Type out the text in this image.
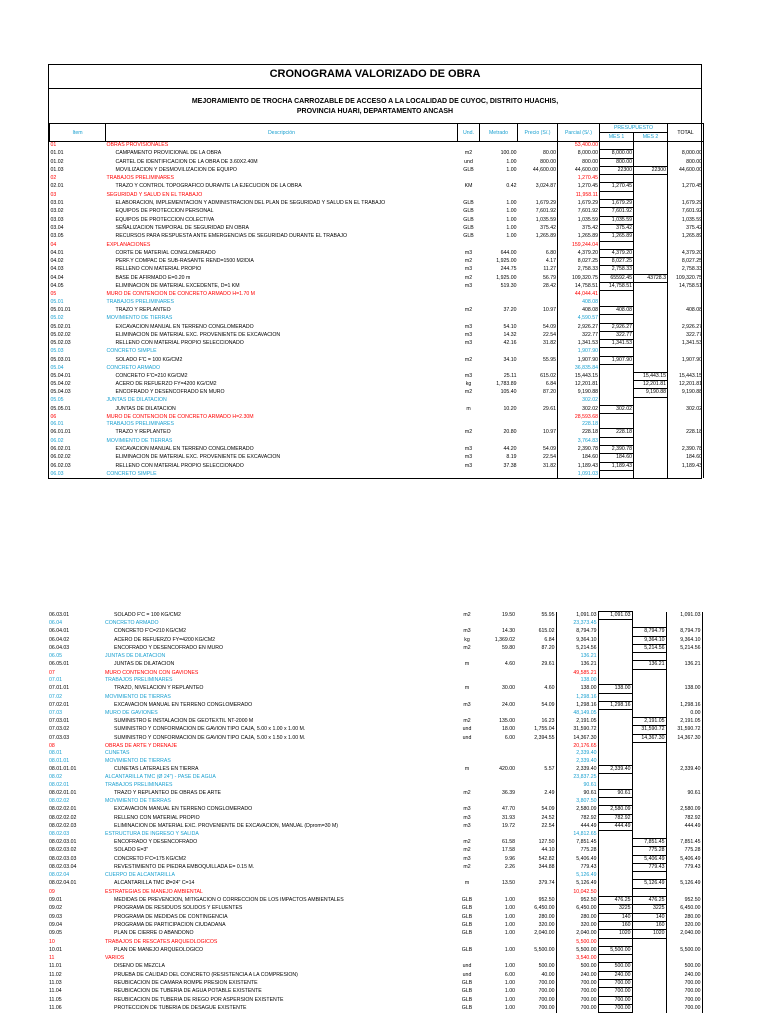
CRONOGRAMA VALORIZADO DE OBRA
MEJORAMIENTO DE TROCHA CARROZABLE DE ACCESO A LA LOCALIDAD DE CUYOC, DISTRITO HUACHIS,
PROVINCIA HUARI, DEPARTAMENTO ANCASH
Item	Descripción	Und.	Metrado	Precio (S/.)	Parcial (S/.)	PRESUPUESTO		TOTAL
						MES 1	MES 2	
01	OBRAS PROVISIONALES				53,400.00			
01.01	CAMPAMENTO PROVICIONAL DE LA OBRA	m2	100.00	80.00	8,000.00	8,000.00		8,000.00
01.02	CARTEL DE IDENTIFICACION DE LA OBRA DE 3.60X2.40M	und	1.00	800.00	800.00	800.00		800.00
01.03	MOVILIZACION Y DESMOVILIZACION DE EQUIPO	GLB	1.00	44,600.00	44,600.00	22300	22300	44,600.00
02	TRABAJOS PRELIMINARES				1,270.45			
02.01	TRAZO Y CONTROL TOPOGRAFICO DURANTE LA EJECUCION DE LA OBRA	KM	0.42	3,024.87	1,270.45	1,270.45		1,270.45
03	SEGURIDAD Y SALUD EN EL TRABAJO				11,958.11			
03.01	ELABORACION, IMPLEMENTACION Y ADMINISTRACION DEL PLAN DE SEGURIDAD Y SALUD EN EL TRABAJO	GLB	1.00	1,679.29	1,679.29	1,679.29		1,679.29
03.02	EQUIPOS DE PROTECCION PERSONAL	GLB	1.00	7,601.92	7,601.92	7,601.92		7,601.92
03.03	EQUIPOS DE PROTECCION COLECTIVA	GLB	1.00	1,035.59	1,035.59	1,035.59		1,035.59
03.04	SEÑALIZACION TEMPORAL DE SEGURIDAD EN OBRA	GLB	1.00	375.42	375.42	375.42		375.42
03.05	RECURSOS PARA RESPUESTA ANTE EMERGENCIAS DE SEGURIDAD DURANTE EL TRABAJO	GLB	1.00	1,265.89	1,265.89	1,265.89		1,265.89
04	EXPLANACIONES				159,244.04			
04.01	CORTE DE MATERIAL CONGLOMERADO	m3	644.00	6.80	4,379.20	4,379.20		4,379.20
04.02	PERF.Y COMPAC DE SUB-RASANTE REND=1500 M2/DIA	m2	1,925.00	4.17	8,027.25	8,027.25		8,027.25
04.03	RELLENO CON MATERIAL PROPIO	m3	244.75	11.27	2,758.33	2,758.33		2,758.33
04.04	BASE DE AFIRMADO E=0.20 m	m2	1,925.00	56.79	109,320.75	65592.45	43728.3	109,320.75
04.05	ELIMINACION DE MATERIAL EXCEDENTE, D=1 KM	m3	519.30	28.42	14,758.51	14,758.51		14,758.51
05	MURO DE CONTENCION DE CONCRETO ARMADO H=1.70 M				44,044.41			
05.01	TRABAJOS PRELIMINARES				408.08			
05.01.01	TRAZO Y REPLANTEO	m2	37.20	10.97	408.08	408.08		408.08
05.02	MOVIMIENTO DE TIERRAS				4,590.57			
05.02.01	EXCAVACION MANUAL EN TERRENO CONGLOMERADO	m3	54.10	54.09	2,926.27	2,926.27		2,926.27
05.02.02	ELIMINACION DE MATERIAL EXC. PROVENIENTE DE EXCAVACION	m3	14.32	22.54	322.77	322.77		322.77
05.02.03	RELLENO CON MATERIAL PROPIO SELECCIONADO	m3	42.16	31.82	1,341.53	1,341.53		1,341.53
05.03	CONCRETO SIMPLE				1,907.90			
05.03.01	SOLADO F'C = 100 KG/CM2	m2	34.10	55.95	1,907.90	1,907.90		1,907.90
05.04	CONCRETO ARMADO				36,835.84			
05.04.01	CONCRETO F'C=210 KG/CM2	m3	25.11	615.02	15,443.15		15,443.15	15,443.15
05.04.02	ACERO DE REFUERZO FY=4200 KG/CM2	kg	1,783.89	6.84	12,201.81		12,201.81	12,201.81
05.04.03	ENCOFRADO Y DESENCOFRADO EN MURO	m2	105.40	87.20	9,190.88		9,190.88	9,190.88
05.05	JUNTAS DE DILATACION				302.02			
05.05.01	JUNTAS DE DILATACION	m	10.20	29.61	302.02	302.02		302.02
06	MURO DE CONTENCION DE CONCRETO ARMADO H=2.30M				28,593.68			
06.01	TRABAJOS PRELIMINARES				228.18			
06.01.01	TRAZO Y REPLANTEO	m2	20.80	10.97	228.18	228.18		228.18
06.02	MOVIMIENTO DE TIERRAS				3,764.83			
06.02.01	EXCAVACION MANUAL EN TERRENO CONGLOMERADO	m3	44.20	54.09	2,390.78	2,390.78		2,390.78
06.02.02	ELIMINACION DE MATERIAL EXC. PROVENIENTE DE EXCAVACION	m3	8.19	22.54	184.60	184.60		184.60
06.02.03	RELLENO CON MATERIAL PROPIO SELECCIONADO	m3	37.38	31.82	1,189.43	1,189.43		1,189.43
06.03	CONCRETO SIMPLE				1,091.03			
06.03.01	SOLADO F'C = 100 KG/CM2	m2	19.50	55.95	1,091.03	1,091.03		1,091.03
06.04	CONCRETO ARMADO				23,373.45			
06.04.01	CONCRETO F'C=210 KG/CM2	m3	14.30	615.02	8,794.79		8,794.79	8,794.79
06.04.02	ACERO DE REFUERZO FY=4200 KG/CM2	kg	1,369.02	6.84	9,364.10		9,364.10	9,364.10
06.04.03	ENCOFRADO Y DESENCOFRADO EN MURO	m2	59.80	87.20	5,214.56		5,214.56	5,214.56
06.05	JUNTAS DE DILATACION				136.21			
06.05.01	JUNTAS DE DILATACION	m	4.60	29.61	136.21		136.21	136.21
07	MURO CONTENCION CON GAVIONES				49,585.21			
07.01	TRABAJOS PRELIMINARES				138.00			
07.01.01	TRAZO, NIVELACION Y REPLANTEO	m	30.00	4.60	138.00	138.00		138.00
07.02	MOVIMIENTO DE TIERRAS				1,298.16			
07.02.01	EXCAVACION MANUAL EN TERRENO CONGLOMERADO	m3	24.00	54.09	1,298.16	1,298.16		1,298.16
07.03	MURO DE GAVIONES				48,149.05			0.00
07.03.01	SUMINISTRO E INSTALACION DE GEOTEXTIL NT-2000 M	m2	135.00	16.23	2,191.05		2,191.05	2,191.05
07.03.02	SUMINISTRO Y CONFORMACION DE GAVION TIPO CAJA, 5.00 x 1.00 x 1.00 M.	und	18.00	1,755.04	31,590.72		31,590.72	31,590.72
07.03.03	SUMINISTRO Y CONFORMACION DE GAVION TIPO CAJA, 5.00 x 1.50 x 1.00 M.	und	6.00	2,394.55	14,367.30		14,367.30	14,367.30
08	OBRAS DE ARTE Y DRENAJE				20,176.65			
08.01	CUNETAS				2,339.40			
08.01.01	MOVIMIENTO DE TIERRAS				2,339.40			
08.01.01.01	CUNETAS LATERALES EN TIERRA	m	420.00	5.57	2,339.40	2,339.40		2,339.40
08.02	ALCANTARILLA TMC (Ø 24") - PASE DE AGUA				23,837.25			
08.02.01	TRABAJOS PRELIMINARES				90.61			
08.02.01.01	TRAZO Y REPLANTEO DE OBRAS DE ARTE	m2	36.39	2.49	90.61	90.61		90.61
08.02.02	MOVIMIENTO DE TIERRAS				3,807.50			
08.02.02.01	EXCAVACION MANUAL EN TERRENO CONGLOMERADO	m3	47.70	54.09	2,580.09	2,580.09		2,580.09
08.02.02.02	RELLENO CON MATERIAL PROPIO	m3	31.93	24.52	782.92	782.92		782.92
08.02.02.03	ELIMINACION DE MATERIAL EXC. PROVENIENTE DE EXCAVACION, MANUAL (Dprom=30 M)	m3	19.72	22.54	444.49	444.49		444.49
08.02.03	ESTRUCTURA DE INGRESO Y SALIDA				14,812.65			
08.02.03.01	ENCOFRADO Y DESENCOFRADO	m2	61.58	127.50	7,851.45		7,851.45	7,851.45
08.02.03.02	SOLADO E=3"	m2	17.58	44.10	775.28		775.28	775.28
08.02.03.03	CONCRETO F'C=175 KG/CM2	m3	9.96	542.82	5,406.49		5,406.49	5,406.49
08.02.03.04	REVESTIMIENTO DE PIEDRA EMBOQUILLADA E= 0.15 M.	m2	2.26	344.88	779.43		779.43	779.43
08.02.04	CUERPO DE ALCANTARILLA				5,126.49			
08.02.04.01	ALCANTARILLA TMC Ø=24" C=14	m	13.50	379.74	5,126.49		5,126.49	5,126.49
09	ESTRATEGIAS DE MANEJO AMBIENTAL				10,042.50			
09.01	MEDIDAS DE PREVENCION, MITIGACION O CORRECCION DE LOS IMPACTOS AMBIENTALES	GLB	1.00	952.50	952.50	476.25	476.25	952.50
09.02	PROGRAMA DE RESIDUOS SOLIDOS Y EFLUENTES	GLB	1.00	6,450.00	6,450.00	3225	3225	6,450.00
09.03	PROGRAMA DE MEDIDAS DE CONTINGENCIA	GLB	1.00	280.00	280.00	140	140	280.00
09.04	PROGRAMA DE PARTICIPACION CIUDADANA	GLB	1.00	320.00	320.00	160	160	320.00
09.05	PLAN DE CIERRE O ABANDONO	GLB	1.00	2,040.00	2,040.00	1020	1020	2,040.00
10	TRABAJOS DE RESCATES ARQUEOLOGICOS				5,500.00			
10.01	PLAN DE MANEJO ARQUEOLOGICO	GLB	1.00	5,500.00	5,500.00	5,500.00		5,500.00
11	VARIOS				3,540.00			
11.01	DISEÑO DE MEZCLA	und	1.00	500.00	500.00	500.00		500.00
11.02	PRUEBA DE CALIDAD DEL CONCRETO (RESISTENCIA A LA COMPRESION)	und	6.00	40.00	240.00	240.00		240.00
11.03	REUBICACION DE CAMARA ROMPE PRESION EXISTENTE	GLB	1.00	700.00	700.00	700.00		700.00
11.04	REUBICACION DE TUBERIA DE AGUA POTABLE EXISTENTE	GLB	1.00	700.00	700.00	700.00		700.00
11.05	REUBICACION DE TUBERIA DE RIEGO POR ASPERSION EXISTENTE	GLB	1.00	700.00	700.00	700.00		700.00
11.06	PROTECCION DE TUBERIA DE DESAGUE EXISTENTE	GLB	1.00	700.00	700.00	700.00		700.00
